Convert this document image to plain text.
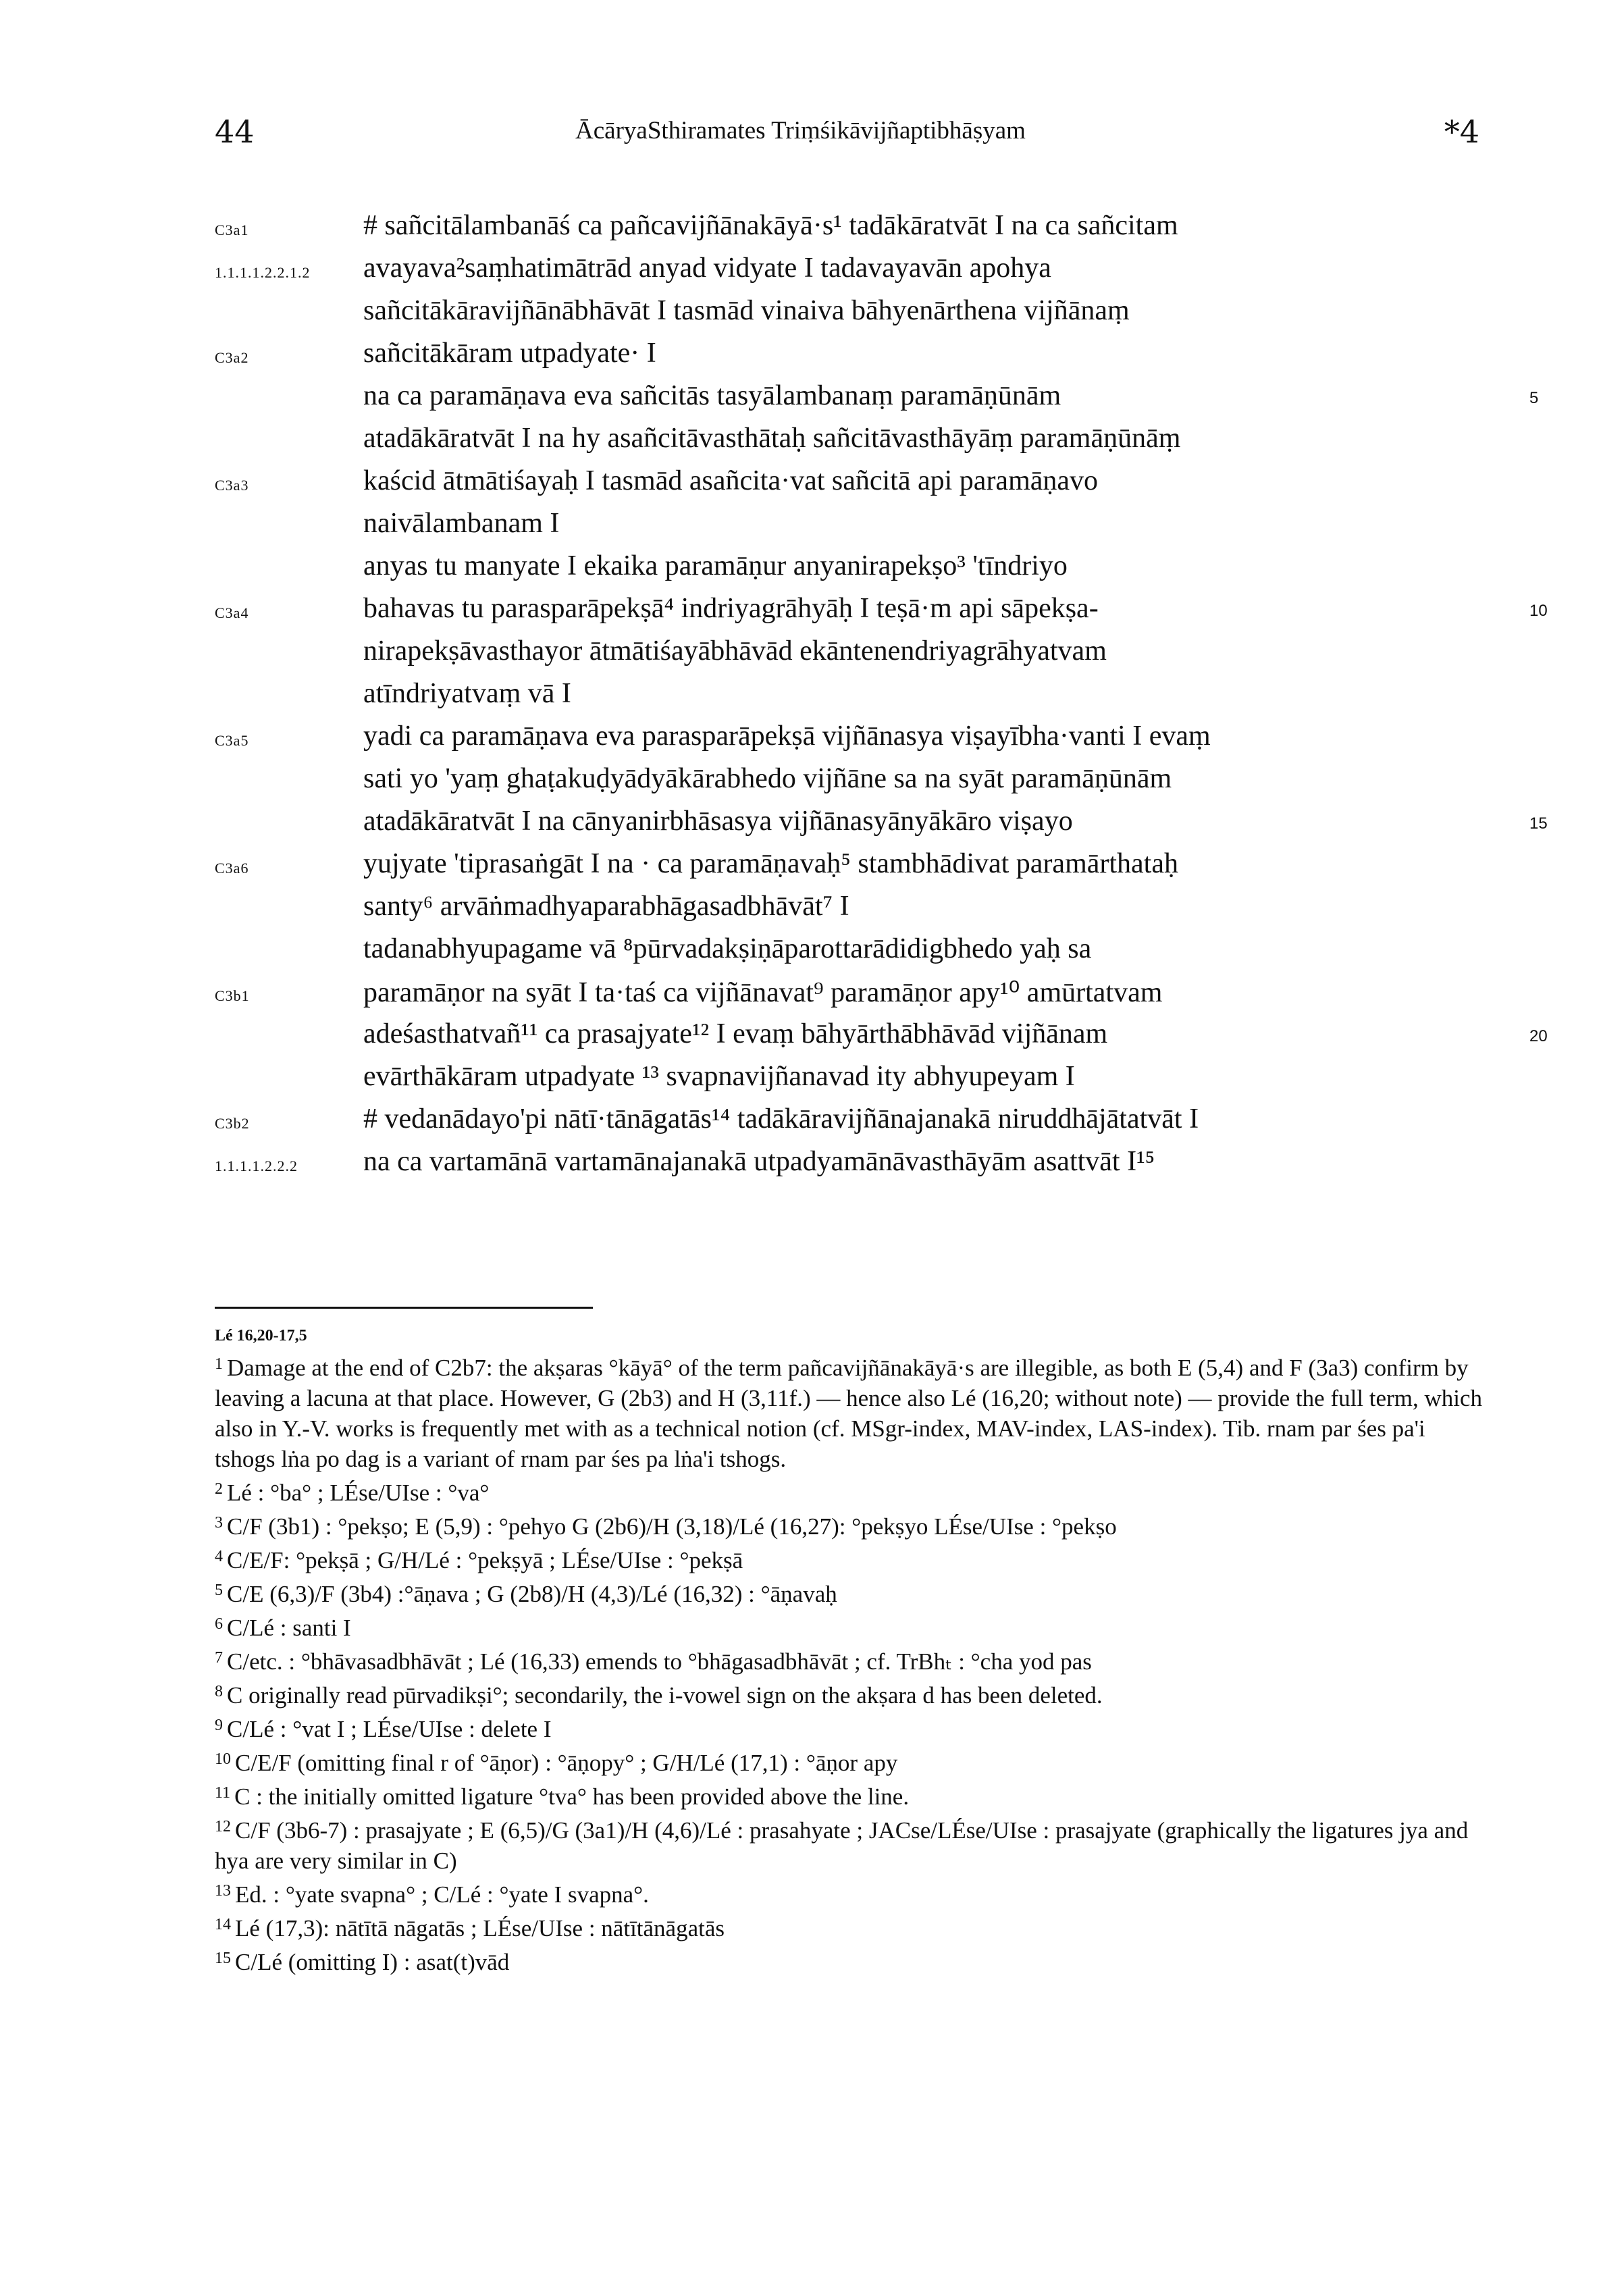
44	ĀcāryaSthiramates Triṃśikāvijñaptibhāṣyam	*4
C3a1	# sañcitālambanāś ca pañcavijñānakāyā·s¹ tadākāratvāt I na ca sañcitam
1.1.1.1.2.2.1.2 avayava²saṃhatimātrād anyad vidyate I tadavayavān apohya
sañcitākāravijñānābhāvāt I tasmād vinaiva bāhyenārthena vijñānaṃ
C3a2	sañcitākāram utpadyate· I
na ca paramāṇava eva sañcitās tasyālambanaṃ paramāṇūnām	5
atadākāratvāt I na hy asañcitāvasthātaḥ sañcitāvasthāyāṃ paramāṇūnāṃ
C3a3	kaścid ātmātiśayaḥ I tasmād asañcita·vat sañcitā api paramāṇavo
naivālambanam I
anyas tu manyate I ekaika paramāṇur anyanirapekṣo³ 'tīndriyo
C3a4	bahavas tu parasparāpekṣā⁴ indriyagrāhyāḥ I teṣā·m api sāpekṣa-	10
nirapekṣāvasthayor ātmātiśayābhāvād ekāntenendriyagrāhyatvam
atīndriyatvaṃ vā I
C3a5	yadi ca paramāṇava eva parasparāpekṣā vijñānasya viṣayībha·vanti I evaṃ
sati yo 'yaṃ ghaṭakuḍyādyākārabhedo vijñāne sa na syāt paramāṇūnām
atadākāratvāt I na cānyanirbhāsasya vijñānasyānyākāro viṣayo	15
C3a6	yujyate 'tiprasaṅgāt I na · ca paramāṇavaḥ⁵ stambhādivat paramārthataḥ
santy⁶ arvāṅmadhyaparabhāgasadbhāvāt⁷ I
tadanabhyupagame vā ⁸pūrvadakṣiṇāparottarādidigbhedo yaḥ sa
C3b1	paramāṇor na syāt I ta·taś ca vijñānavat⁹ paramāṇor apy¹⁰ amūrtatvam
adeśasthatvañ¹¹ ca prasajyate¹² I evaṃ bāhyārthābhāvād vijñānam	20
evārthākāram utpadyate ¹³ svapnavijñanavad ity abhyupeyam I
C3b2	# vedanādayo'pi nātī·tānāgatās¹⁴ tadākāravijñānajanakā niruddhājātatvāt I
1.1.1.1.2.2.2 na ca vartamānā vartamānajanakā utpadyamānāvasthāyām asattvāt I¹⁵
Lé 16,20-17,5

$^1$ Damage at the end of C2b7: the akṣaras °kāyā° of the term pañcavijñānakāyā·s are illegible, as both E (5,4) and F (3a3) confirm by leaving a lacuna at that place. However, G (2b3) and H (3,11f.) — hence also Lé (16,20; without note) — provide the full term, which also in Y.-V. works is frequently met with as a technical notion (cf. MSgr-index, MAV-index, LAS-index). Tib. rnam par śes pa'i tshogs lṅa po dag is a variant of rnam par śes pa lṅa'i tshogs.

$^2$ Lé : °ba° ; LÉse/UIse : °va°

$^3$ C/F (3b1) : °pekṣo; E (5,9) : °pehyo G (2b6)/H (3,18)/Lé (16,27): °pekṣyo LÉse/UIse : °pekṣo

$^4$ C/E/F: °pekṣā ; G/H/Lé : °pekṣyā ; LÉse/UIse : °pekṣā

$^5$ C/E (6,3)/F (3b4) :°āṇava ; G (2b8)/H (4,3)/Lé (16,32) : °āṇavaḥ

$^6$ C/Lé : santi I

$^7$ C/etc. : °bhāvasadbhāvāt ; Lé (16,33) emends to °bhāgasadbhāvāt ; cf. TrBhₜ : °cha yod pas

$^8$ C originally read pūrvadikṣi°; secondarily, the i-vowel sign on the akṣara d has been deleted.

$^9$ C/Lé : °vat I ; LÉse/UIse : delete I

$^{10}$ C/E/F (omitting final r of °āṇor) : °āṇopy° ; G/H/Lé (17,1) : °āṇor apy

$^{11}$ C : the initially omitted ligature °tva° has been provided above the line.

$^{12}$ C/F (3b6-7) : prasajyate ; E (6,5)/G (3a1)/H (4,6)/Lé : prasahyate ; JACse/LÉse/UIse : prasajyate (graphically the ligatures jya and hya are very similar in C)

$^{13}$ Ed. : °yate svapna° ; C/Lé : °yate I svapna°.

$^{14}$ Lé (17,3): nātītā nāgatās ; LÉse/UIse : nātītānāgatās

$^{15}$ C/Lé (omitting I) : asat(t)vād
